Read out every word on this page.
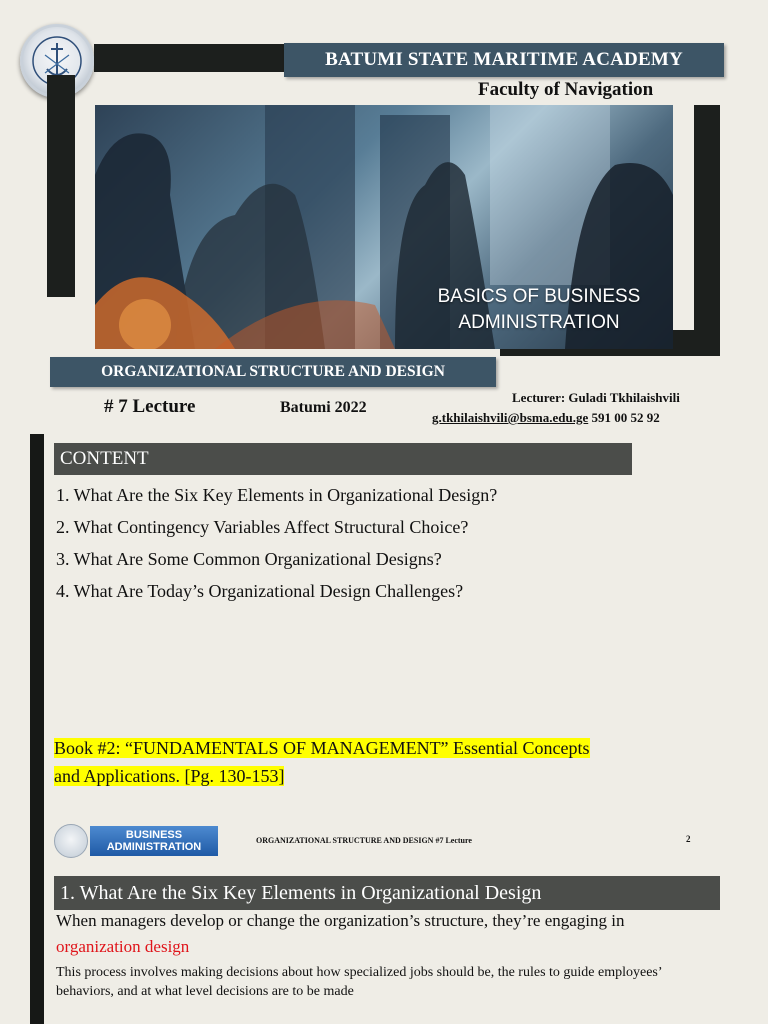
BATUMI STATE MARITIME ACADEMY
Faculty of Navigation
BASICS OF BUSINESS ADMINISTRATION
ORGANIZATIONAL STRUCTURE AND DESIGN
# 7 Lecture	Batumi 2022
Lecturer: Guladi Tkhilaishvili
g.tkhilaishvili@bsma.edu.ge 591 00 52 92
CONTENT
1. What Are the Six Key Elements in Organizational Design?
2. What Contingency Variables Affect Structural Choice?
3. What Are Some Common Organizational Designs?
4. What Are Today’s Organizational Design Challenges?
Book #2: “FUNDAMENTALS OF MANAGEMENT” Essential Concepts
and Applications. [Pg. 130-153]
BUSINESS
ADMINISTRATION
ORGANIZATIONAL STRUCTURE AND DESIGN #7 Lecture	2
1. What Are the Six Key Elements in Organizational Design
When managers develop or change the organization’s structure, they’re engaging in
organization design
This process involves making decisions about how specialized jobs should be, the rules to guide employees’ behaviors, and at what level decisions are to be made
